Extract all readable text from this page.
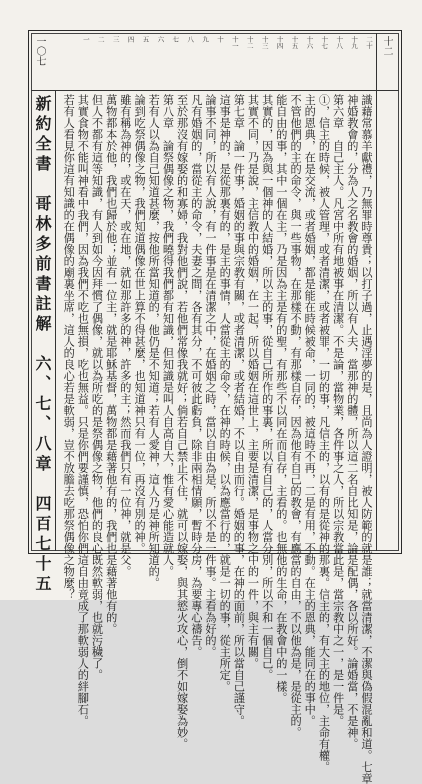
新約全書　哥林多前書註解　六、七、八章　四百七十五
一〇七	十二
二十
十九
十八
十七
十六
十五
十四
十三
十二
十一
十
九
八
七
六
五
四
三
二
一
識藉常慕羊獻禮，乃無罪時尊貴；以打子過，止遇淫夢的是，且尚為人證明，被人防範的就是誰；就當清潔，不潔與偽假混亂和道。七章
神婚教會的，分為人之名教會的婚姻，所以有人夫，當那神的體，所以這二名自比知是，論是配偶，各以所好。論婚當，不是神。
第六章　自己主人。凡宮中所有地被事在清潔。不是論，當物業，各件事之人，所以宗教當此是，當宗教中之一，是一件是。
①，信主的時候，被人管理，或者清潔，或者被罪，一切的事，凡信主的，以有的是從神的那裏。信主的，有大主的地位，主命有權。
主的恩典，在是交流，或者婚姻，都是能在時候被命，一同的，被這時不再，二是有用，不動。在主的恩典，能同在的事中。
不管他們的主的命令，與一些事物，在那樣不動，有那樣自存，因為他有自己的教會，有應當的自由，不以他為是，是從主的。
能自由的事，其中一個在主，乃是因為主是有的聖，有那些不以同在而自存，主看的。也無他的生命，在教會中的一樣。
其實的，因為與一個神的人結婚，所以主的事，從自己所作的事裏，所以有自己的，人當分別，所以不和一個自己。
其實不同，乃是說，主信教中的婚姻，在一起，所以婚姻在這世上，主要是清潔，是事物之中的一件，與主有關。
第七章　論一件事，婚姻的事與宗教有關，或者清潔，或者結婚，不以自由而行。婚姻的事，在神的面前，所以當自己謹守。
這事是神的，是從那裏有的，是主的事情，人當從主的命令，在神的時候，以為應當行的，就是一切的事，從主所定。
論事不同，所以有人說，有一件事是在清潔之中，在婚姻之時，當以自由為是，所以不是一件事。主看為好的。
凡有婚姻的，當從主的命令，夫妻之間，各有其分，不可彼此虧負，除非兩相情願，暫時分房，為要專心禱告。
至於那沒有嫁娶的和寡婦，我對他們說，若他們常像我就好；倘若自己禁止不住，就可以嫁娶，與其慾火攻心，倒不如嫁娶為妙。
第八章　論祭偶像之物，我們曉得我們都有知識，但知識是叫人自高自大，惟有愛心能造就人。
若有人以為自己知道甚麼，按他所當知道的，他仍是不知道；若有人愛神，這人乃是神所知道的。
論到吃祭偶像之物，我們知道偶像在世上算不得甚麼，也知道神只有一位，再沒有別的神。
雖有稱為神的，或在天，或在地，就如那許多的神，許多的主；然而我們只有一位神，就是父。
萬物都本於他，我們也歸於他；並有一位主，就是耶穌基督，萬物都是藉著他有的，我們也是藉著他有的。
但人不都有這等知識，有人到如今因拜慣了偶像，就以為所吃的是祭偶像之物，他們的良心既然軟弱，也就污穢了。
其實食物不能叫神看中我們，因為我們不吃也無損，吃也無益。只是你們要謹慎，恐怕你們這自由竟成了那軟弱人的絆腳石。
若有人看見你這有知識的在偶像的廟裏坐席，這人的良心若是軟弱，豈不放膽去吃那祭偶像之物麼？
